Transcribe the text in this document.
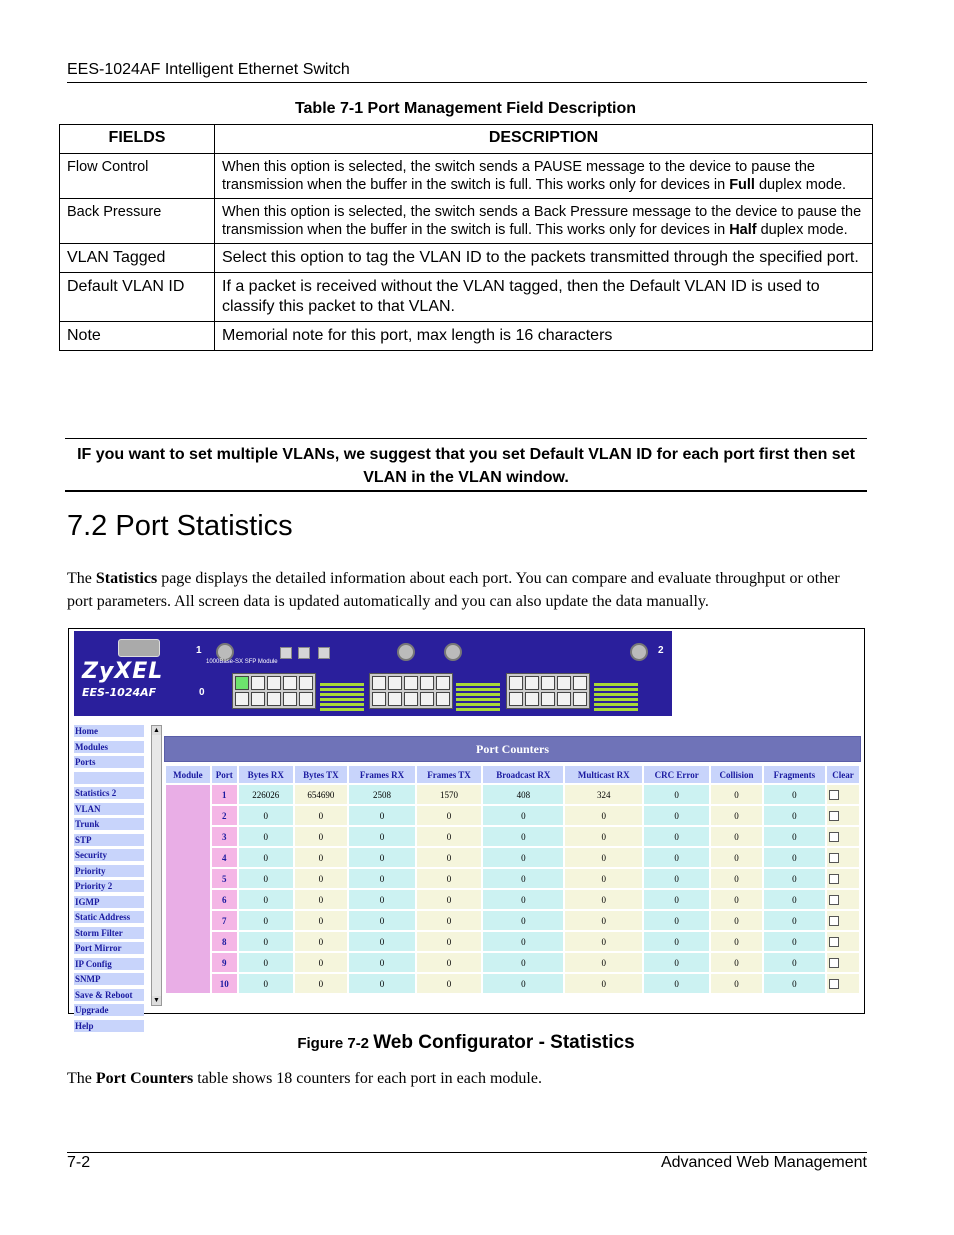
EES-1024AF Intelligent Ethernet Switch
Table 7-1 Port Management Field Description
FIELDS	DESCRIPTION
Flow Control	When this option is selected, the switch sends a PAUSE message to the device to pause the transmission when the buffer in the switch is full. This works only for devices in Full duplex mode.
Back Pressure	When this option is selected, the switch sends a Back Pressure message to the device to pause the transmission when the buffer in the switch is full. This works only for devices in Half duplex mode.
VLAN Tagged	Select this option to tag the VLAN ID to the packets transmitted through the specified port.
Default VLAN ID	If a packet is received without the VLAN tagged, then the Default VLAN ID is used to classify this packet to that VLAN.
Note	Memorial note for this port, max length is 16 characters
IF you want to set multiple VLANs, we suggest that you set Default VLAN ID for each port first then set VLAN in the VLAN window.
7.2 Port Statistics
The Statistics page displays the detailed information about each port. You can compare and evaluate throughput or other port parameters. All screen data is updated automatically and you can also update the data manually.
1	2
0
1000Base-SX SFP Module
ZyXEL
EES-1024AF
Home
Modules
Ports
Statistics
Statistics 2
VLAN
Trunk
STP
Security
Priority
Priority 2
IGMP
Static Address
Storm Filter
Port Mirror
IP Config
SNMP
Save & Reboot
Upgrade
Help
▲
▼
Port Counters
Module	Port	Bytes RX	Bytes TX	Frames RX	Frames TX	Broadcast RX	Multicast RX	CRC Error	Collision	Fragments	Clear
	1	226026	654690	2508	1570	408	324	0	0	0	
	2	0	0	0	0	0	0	0	0	0	
	3	0	0	0	0	0	0	0	0	0	
	4	0	0	0	0	0	0	0	0	0	
	5	0	0	0	0	0	0	0	0	0	
	6	0	0	0	0	0	0	0	0	0	
	7	0	0	0	0	0	0	0	0	0	
	8	0	0	0	0	0	0	0	0	0	
	9	0	0	0	0	0	0	0	0	0	
	10	0	0	0	0	0	0	0	0	0	
Figure 7-2 Web Configurator - Statistics
The Port Counters table shows 18 counters for each port in each module.
7-2	Advanced Web Management
